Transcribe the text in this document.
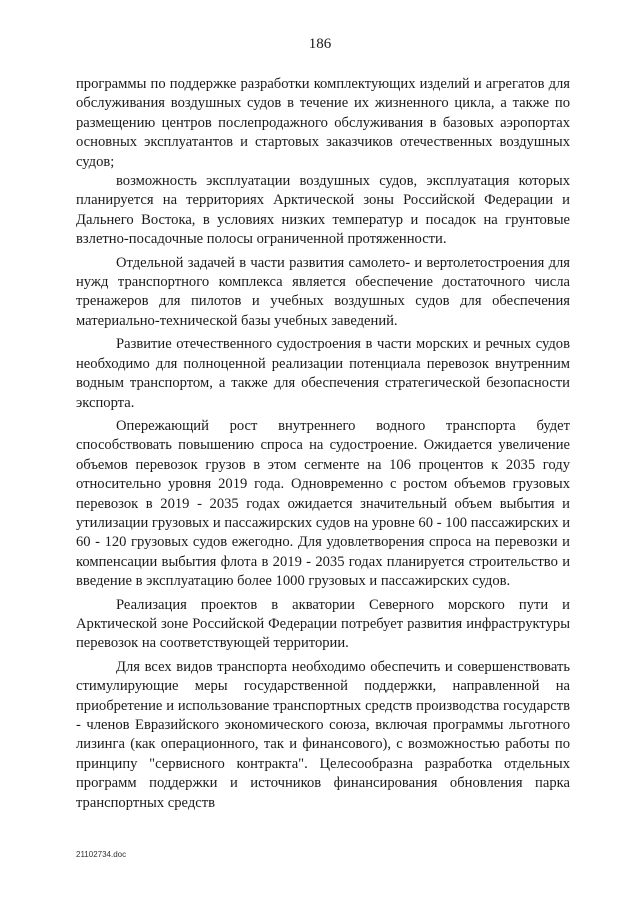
186

программы по поддержке разработки комплектующих изделий и агрегатов для обслуживания воздушных судов в течение их жизненного цикла, а также по размещению центров послепродажного обслуживания в базовых аэропортах основных эксплуатантов и стартовых заказчиков отечественных воздушных судов;

возможность эксплуатации воздушных судов, эксплуатация которых планируется на территориях Арктической зоны Российской Федерации и Дальнего Востока, в условиях низких температур и посадок на грунтовые взлетно-посадочные полосы ограниченной протяженности.

Отдельной задачей в части развития самолето- и вертолетостроения для нужд транспортного комплекса является обеспечение достаточного числа тренажеров для пилотов и учебных воздушных судов для обеспечения материально-технической базы учебных заведений.

Развитие отечественного судостроения в части морских и речных судов необходимо для полноценной реализации потенциала перевозок внутренним водным транспортом, а также для обеспечения стратегической безопасности экспорта.

Опережающий рост внутреннего водного транспорта будет способствовать повышению спроса на судостроение. Ожидается увеличение объемов перевозок грузов в этом сегменте на 106 процентов к 2035 году относительно уровня 2019 года. Одновременно с ростом объемов грузовых перевозок в 2019 - 2035 годах ожидается значительный объем выбытия и утилизации грузовых и пассажирских судов на уровне 60 - 100 пассажирских и 60 - 120 грузовых судов ежегодно. Для удовлетворения спроса на перевозки и компенсации выбытия флота в 2019 - 2035 годах планируется строительство и введение в эксплуатацию более 1000 грузовых и пассажирских судов.

Реализация проектов в акватории Северного морского пути и Арктической зоне Российской Федерации потребует развития инфраструктуры перевозок на соответствующей территории.

Для всех видов транспорта необходимо обеспечить и совершенствовать стимулирующие меры государственной поддержки, направленной на приобретение и использование транспортных средств производства государств - членов Евразийского экономического союза, включая программы льготного лизинга (как операционного, так и финансового), с возможностью работы по принципу "сервисного контракта". Целесообразна разработка отдельных программ поддержки и источников финансирования обновления парка транспортных средств

21102734.doc
